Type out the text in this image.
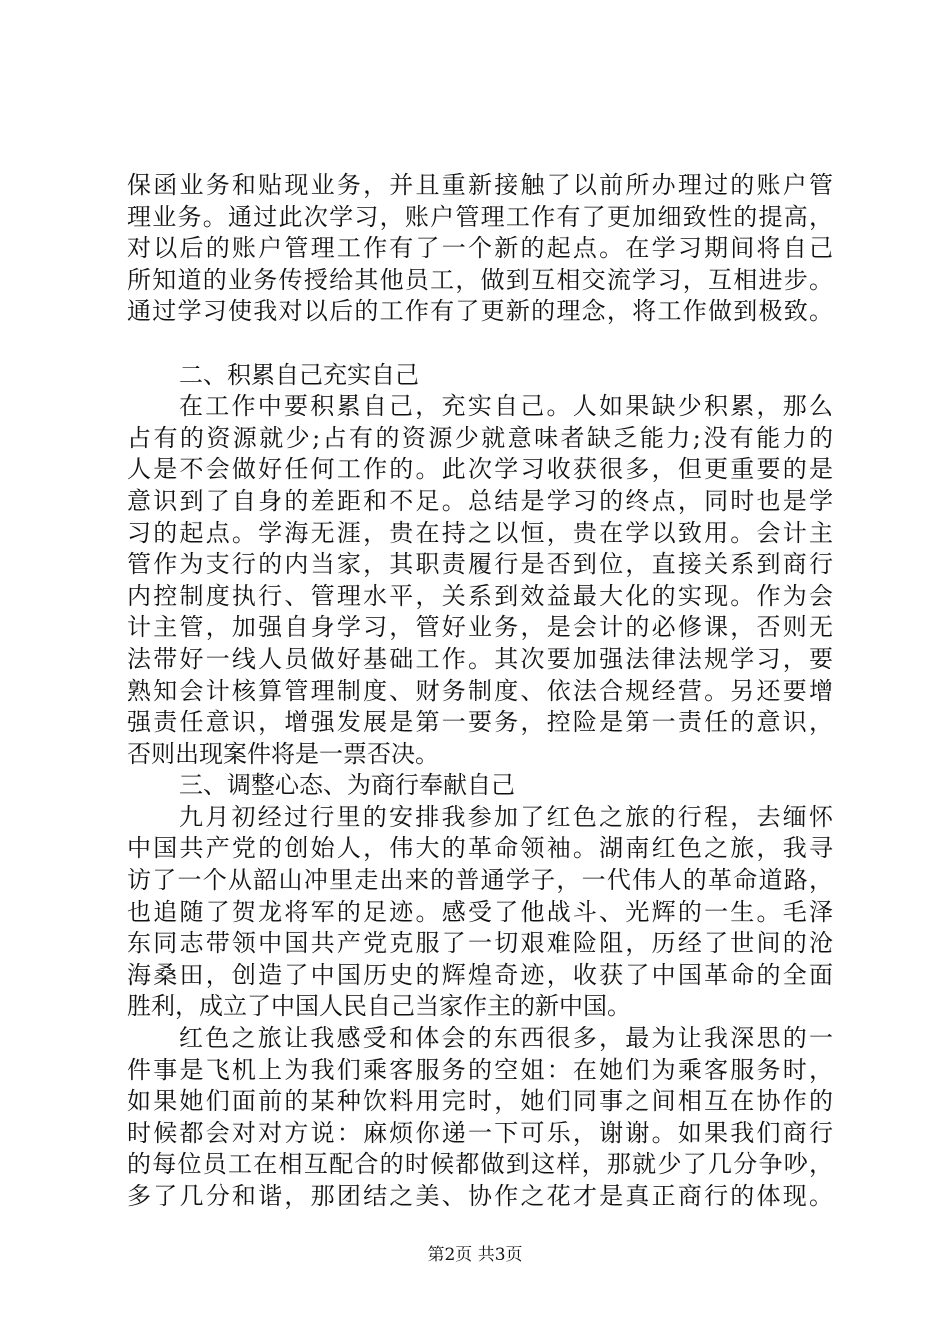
保函业务和贴现业务，并且重新接触了以前所办理过的账户管
理业务。通过此次学习，账户管理工作有了更加细致性的提高，
对以后的账户管理工作有了一个新的起点。在学习期间将自己
所知道的业务传授给其他员工，做到互相交流学习，互相进步。
通过学习使我对以后的工作有了更新的理念，将工作做到极致。
二、积累自己充实自己
在工作中要积累自己，充实自己。人如果缺少积累，那么
占有的资源就少;占有的资源少就意味者缺乏能力;没有能力的
人是不会做好任何工作的。此次学习收获很多，但更重要的是
意识到了自身的差距和不足。总结是学习的终点，同时也是学
习的起点。学海无涯，贵在持之以恒，贵在学以致用。会计主
管作为支行的内当家，其职责履行是否到位，直接关系到商行
内控制度执行、管理水平，关系到效益最大化的实现。作为会
计主管，加强自身学习，管好业务，是会计的必修课，否则无
法带好一线人员做好基础工作。其次要加强法律法规学习，要
熟知会计核算管理制度、财务制度、依法合规经营。另还要增
强责任意识，增强发展是第一要务，控险是第一责任的意识，
否则出现案件将是一票否决。
三、调整心态、为商行奉献自己
九月初经过行里的安排我参加了红色之旅的行程，去缅怀
中国共产党的创始人，伟大的革命领袖。湖南红色之旅，我寻
访了一个从韶山冲里走出来的普通学子，一代伟人的革命道路，
也追随了贺龙将军的足迹。感受了他战斗、光辉的一生。毛泽
东同志带领中国共产党克服了一切艰难险阻，历经了世间的沧
海桑田，创造了中国历史的辉煌奇迹，收获了中国革命的全面
胜利，成立了中国人民自己当家作主的新中国。
红色之旅让我感受和体会的东西很多，最为让我深思的一
件事是飞机上为我们乘客服务的空姐：在她们为乘客服务时，
如果她们面前的某种饮料用完时，她们同事之间相互在协作的
时候都会对对方说：麻烦你递一下可乐，谢谢。如果我们商行
的每位员工在相互配合的时候都做到这样，那就少了几分争吵，
多了几分和谐，那团结之美、协作之花才是真正商行的体现。
第2页 共3页
